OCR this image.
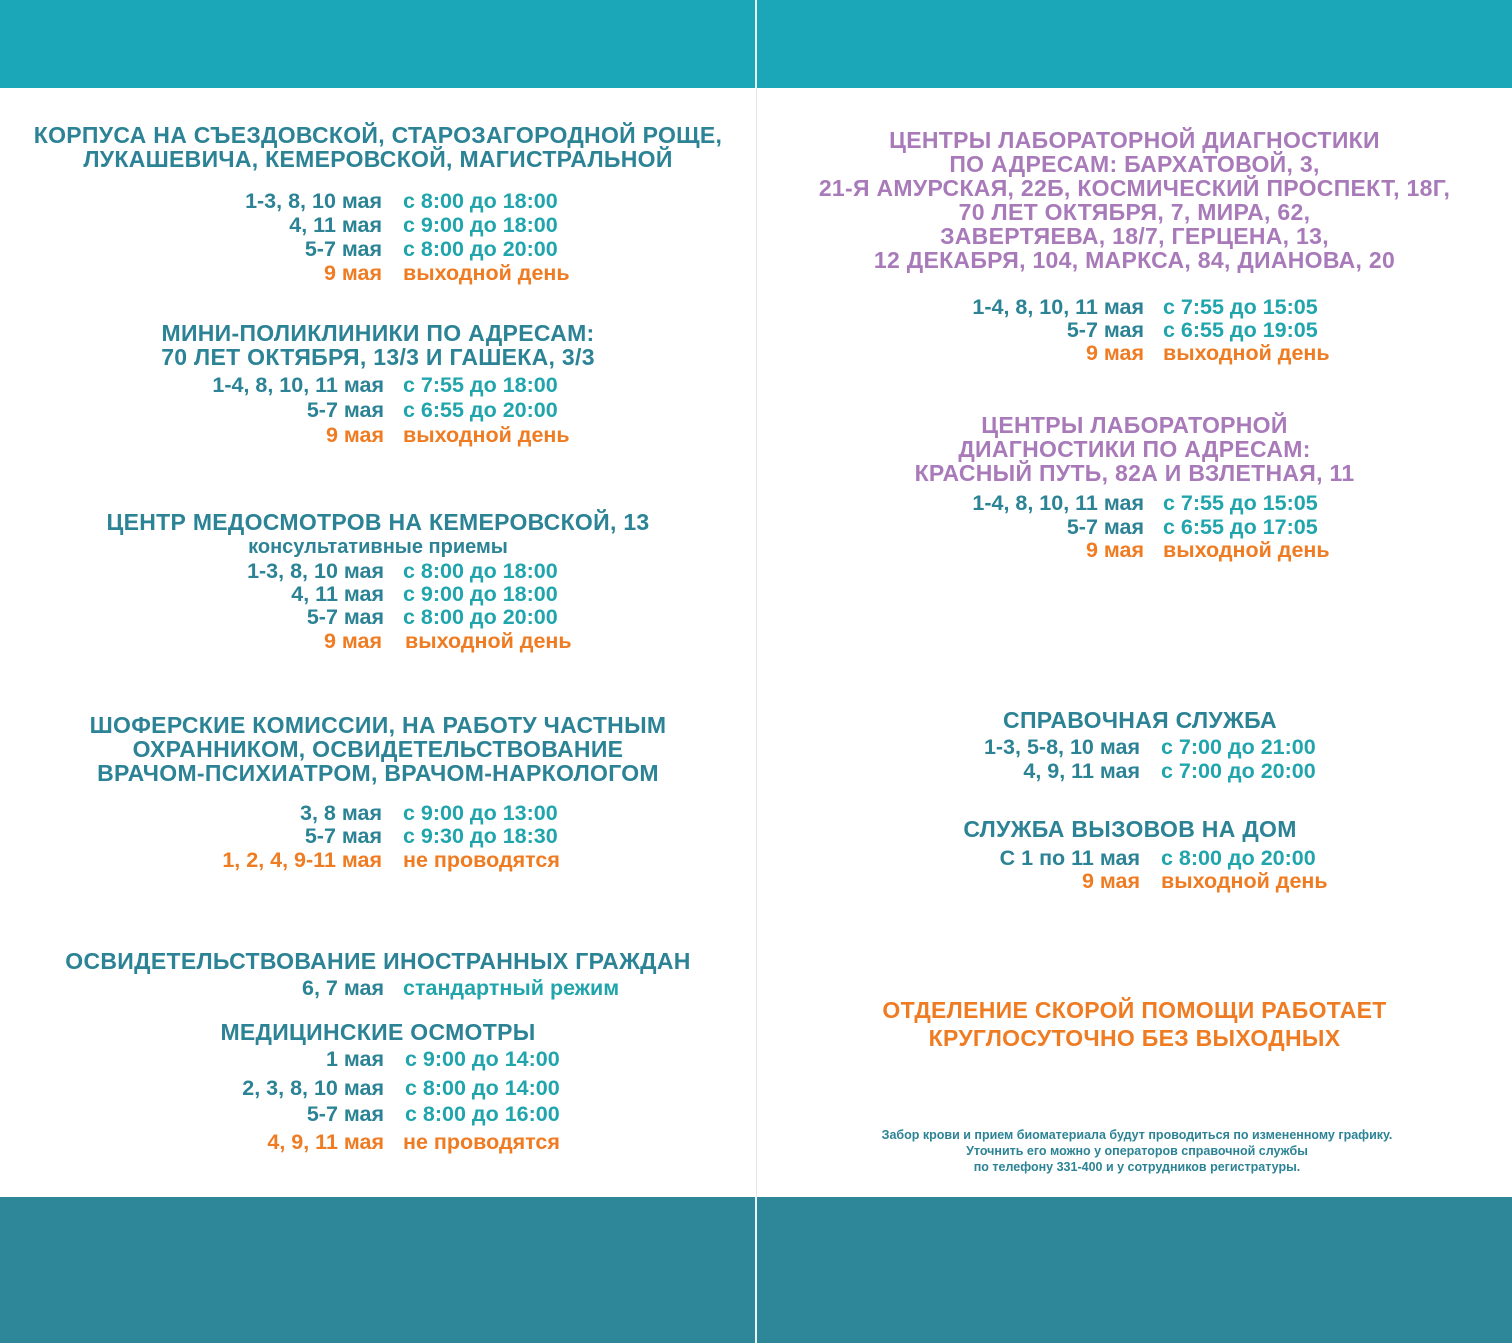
КОРПУСА НА СЪЕЗДОВСКОЙ, СТАРОЗАГОРОДНОЙ РОЩЕ,
ЛУКАШЕВИЧА, КЕМЕРОВСКОЙ, МАГИСТРАЛЬНОЙ
1-3, 8, 10 мая с 8:00 до 18:00
4, 11 мая с 9:00 до 18:00
5-7 мая с 8:00 до 20:00
9 мая выходной день
МИНИ-ПОЛИКЛИНИКИ ПО АДРЕСАМ:
70 ЛЕТ ОКТЯБРЯ, 13/3 И ГАШЕКА, 3/3
1-4, 8, 10, 11 мая с 7:55 до 18:00
5-7 мая с 6:55 до 20:00
9 мая выходной день
ЦЕНТР МЕДОСМОТРОВ НА КЕМЕРОВСКОЙ, 13
консультативные приемы
1-3, 8, 10 мая с 8:00 до 18:00
4, 11 мая с 9:00 до 18:00
5-7 мая с 8:00 до 20:00
9 мая выходной день
ШОФЕРСКИЕ КОМИССИИ, НА РАБОТУ ЧАСТНЫМ
ОХРАННИКОМ, ОСВИДЕТЕЛЬСТВОВАНИЕ
ВРАЧОМ-ПСИХИАТРОМ, ВРАЧОМ-НАРКОЛОГОМ
3, 8 мая с 9:00 до 13:00
5-7 мая с 9:30 до 18:30
1, 2, 4, 9-11 мая не проводятся
ОСВИДЕТЕЛЬСТВОВАНИЕ ИНОСТРАННЫХ ГРАЖДАН
6, 7 мая стандартный режим
МЕДИЦИНСКИЕ ОСМОТРЫ
1 мая с 9:00 до 14:00
2, 3, 8, 10 мая с 8:00 до 14:00
5-7 мая с 8:00 до 16:00
4, 9, 11 мая не проводятся
ЦЕНТРЫ ЛАБОРАТОРНОЙ ДИАГНОСТИКИ
ПО АДРЕСАМ: БАРХАТОВОЙ, 3,
21-Я АМУРСКАЯ, 22Б, КОСМИЧЕСКИЙ ПРОСПЕКТ, 18Г,
70 ЛЕТ ОКТЯБРЯ, 7, МИРА, 62,
ЗАВЕРТЯЕВА, 18/7, ГЕРЦЕНА, 13,
12 ДЕКАБРЯ, 104, МАРКСА, 84, ДИАНОВА, 20
1-4, 8, 10, 11 мая с 7:55 до 15:05
5-7 мая с 6:55 до 19:05
9 мая выходной день
ЦЕНТРЫ ЛАБОРАТОРНОЙ
ДИАГНОСТИКИ ПО АДРЕСАМ:
КРАСНЫЙ ПУТЬ, 82А И ВЗЛЕТНАЯ, 11
1-4, 8, 10, 11 мая с 7:55 до 15:05
5-7 мая с 6:55 до 17:05
9 мая выходной день
СПРАВОЧНАЯ СЛУЖБА
1-3, 5-8, 10 мая с 7:00 до 21:00
4, 9, 11 мая с 7:00 до 20:00
СЛУЖБА ВЫЗОВОВ НА ДОМ
С 1 по 11 мая с 8:00 до 20:00
9 мая выходной день
ОТДЕЛЕНИЕ СКОРОЙ ПОМОЩИ РАБОТАЕТ
КРУГЛОСУТОЧНО БЕЗ ВЫХОДНЫХ
Забор крови и прием биоматериала будут проводиться по измененному графику.
Уточнить его можно у операторов справочной службы
по телефону 331-400 и у сотрудников регистратуры.
